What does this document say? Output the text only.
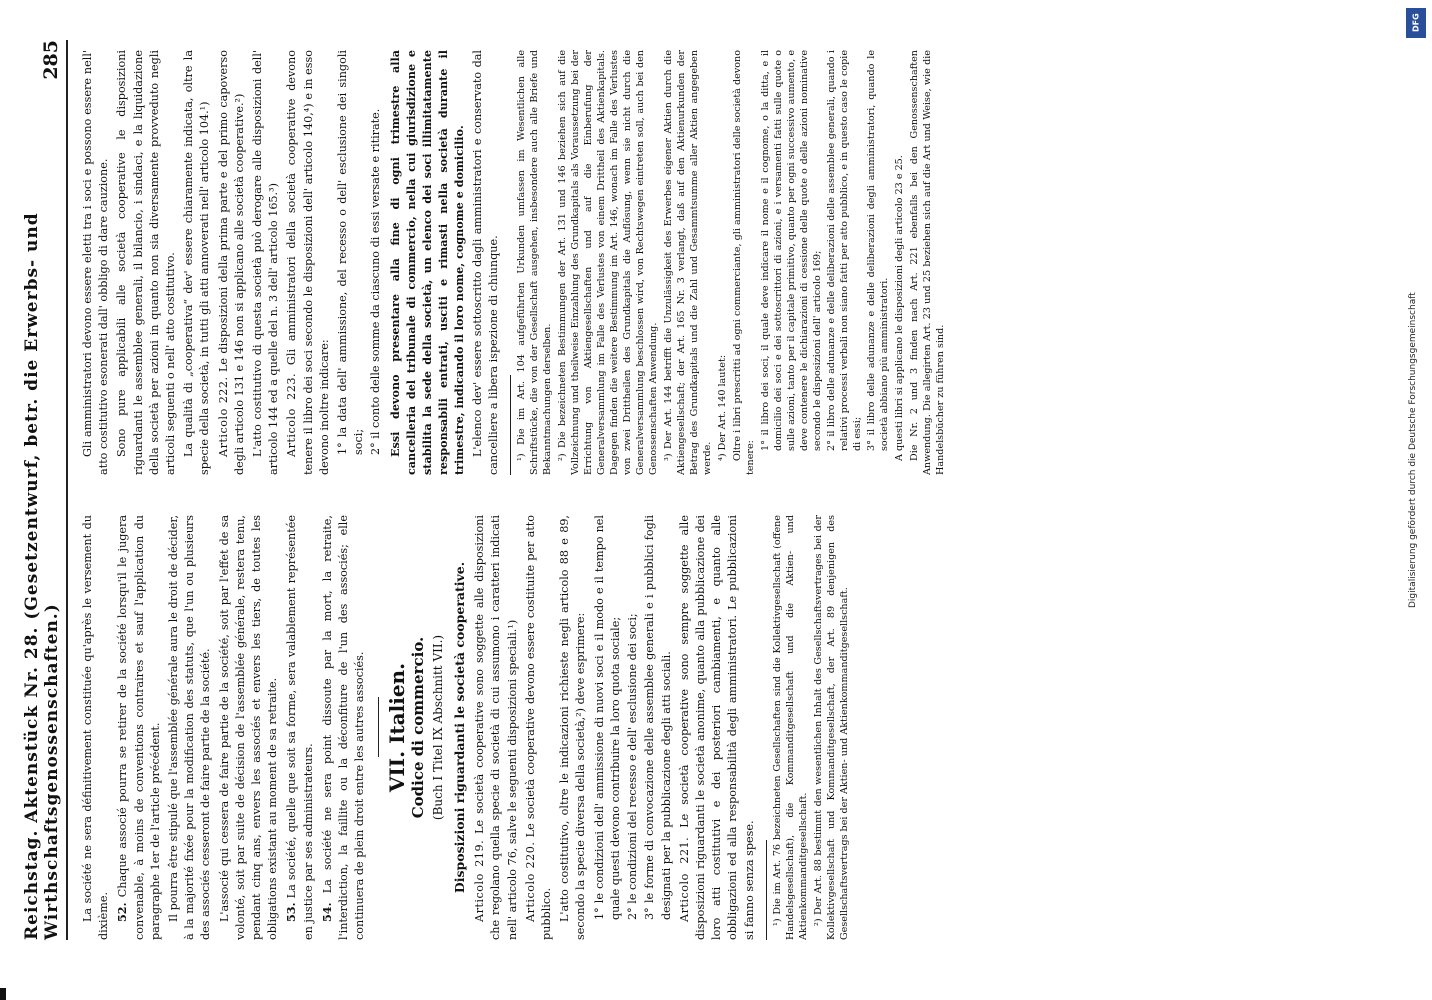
Reichstag. Aktenstück Nr. 28. (Gesetzentwurf, betr. die Erwerbs- und Wirthschaftsgenossenschaften.)
285

La société ne sera définitivement constituée qu'après le versement du dixième. 52. Chaque associé pourra se retirer de la société lorsqu'il le jugera convenable, à moins de conventions contraires et sauf l'application du paragraphe 1er de l'article précédent. Il pourra être stipulé que l'assemblée générale aura le droit de décider, à la majorité fixée pour la modification des statuts, que l'un ou plusieurs des associés cesseront de faire partie de la société. L'associé qui cessera de faire partie de la société, soit par l'effet de sa volonté, soit par suite de décision de l'assemblée générale, restera tenu, pendant cinq ans, envers les associés et envers les tiers, de toutes les obligations existant au moment de sa retraite. 53. La société, quelle que soit sa forme, sera valablement représentée en justice par ses administrateurs. 54. La société ne sera point dissoute par la mort, la retraite, l'interdiction, la faillite ou la déconfiture de l'un des associés; elle continuera de plein droit entre les autres associés. VII. Italien. Codice di commercio. (Buch I Titel IX Abschnitt VII.) Disposizioni riguardanti le società cooperative. Articolo 219. Le società cooperative sono soggette alle disposizioni che regolano quella specie di società di cui assumono i caratteri indicati nell' articolo 76, salve le seguenti disposizioni speciali.¹) Articolo 220. Le società cooperative devono essere costituite per atto pubblico. L'atto costitutivo, oltre le indicazioni richieste negli articolo 88 e 89, secondo la specie diversa della società,²) deve esprimere: 1° le condizioni dell' ammissione di nuovi soci e il modo e il tempo nel quale questi devono contribuire la loro quota sociale; 2° le condizioni del recesso e dell' esclusione dei soci; 3° le forme di convocazione delle assemblee generali e i pubblici fogli designati per la pubblicazione degli atti sociali. Articolo 221. Le società cooperative sono sempre soggette alle disposizioni riguardanti le società anonime, quanto alla pubblicazione dei loro atti costitutivi e dei posteriori cambiamenti, e quanto alle obbligazioni ed alla responsabilità degli amministratori. Le pubblicazioni si fanno senza spese. ¹) Die im Art. 76 bezeichneten Gesellschaften sind die Kollektivgesellschaft (offene Handelsgesellschaft), die Kommanditgesellschaft und die Aktien- und Aktienkommanditgesellschaft. ²) Der Art. 88 bestimmt den wesentlichen Inhalt des Gesellschaftsvertrages bei der Kollektivgesellschaft und Kommanditgesellschaft, der Art. 89 denjenigen des Gesellschaftsvertrags bei der Aktien- und Aktienkommanditgesellschaft.

Gli amministratori devono essere eletti tra i soci e possono essere nell' atto costitutivo esonerati dall' obbligo di dare cauzione. Sono pure applicabili alle società cooperative le disposizioni riguardanti le assemblee generali, il bilancio, i sindaci, e la liquidazione della società per azioni in quanto non sia diversamente provveduto negli articoli seguenti o nell' atto costitutivo. La qualità di „cooperativa“ dev' essere chiaramente indicata, oltre la specie della società, in tutti gli atti annoverati nell' articolo 104.¹) Articolo 222. Le disposizioni della prima parte e del primo capoverso degli articolo 131 e 146 non si applicano alle società cooperative.²) L'atto costitutivo di questa società può derogare alle disposizioni dell' articolo 144 ed a quelle del n. 3 dell' articolo 165.³) Articolo 223. Gli amministratori della società cooperative devono tenere il libro dei soci secondo le disposizioni dell' articolo 140,⁴) e in esso devono inoltre indicare: 1° la data dell' ammissione, del recesso o dell' esclusione dei singoli soci; 2° il conto delle somme da ciascuno di essi versate e ritirate. Essi devono presentare alla fine di ogni trimestre alla cancelleria del tribunale di commercio, nella cui giurisdizione e stabilita la sede della società, un elenco dei soci illimitatamente responsabili entrati, usciti e rimasti nella società durante il trimestre, indicando il loro nome, cognome e domicilio. L'elenco dev' essere sottoscritto dagli amministratori e conservato dal cancelliere a libera ispezione di chiunque. ¹) Die im Art. 104 aufgeführten Urkunden umfassen im Wesentlichen alle Schriftstücke, die von der Gesellschaft ausgehen, insbesondere auch alle Briefe und Bekanntmachungen derselben. ²) Die bezeichneten Bestimmungen der Art. 131 und 146 beziehen sich auf die Vollzeichnung und theilweise Einzahlung des Grundkapitals als Voraussetzung bei der Errichtung von Aktiengesellschaften und auf die Einberufung der Generalversammlung im Falle des Verlustes von einem Drittheil des Aktienkapitals. Dagegen finden die weitere Bestimmung im Art. 146, wonach im Falle des Verlustes von zwei Drittheilen des Grundkapitals die Auflösung, wenn sie nicht durch die Generalversammlung beschlossen wird, von Rechtswegen eintreten soll, auch bei den Genossenschaften Anwendung. ³) Der Art. 144 betrifft die Unzulässigkeit des Erwerbes eigener Aktien durch die Aktiengesellschaft; der Art. 165 Nr. 3 verlangt, daß auf den Aktienurkunden der Betrag des Grundkapitals und die Zahl und Gesammtsumme aller Aktien angegeben werde. ⁴) Der Art. 140 lautet: Oltre i libri prescritti ad ogni commerciante, gli amministratori delle società devono tenere:

1° il libro dei soci, il quale deve indicare il nome e il cognome, o la ditta, e il domicilio dei soci e dei sottoscrittori di azioni, e i versamenti fatti sulle quote o sulle azioni, tanto per il capitale primitivo, quanto per ogni successivo aumento, e deve contenere le dichiarazioni di cessione delle quote o delle azioni nominative secondo le disposizioni dell' articolo 169; 2° il libro delle adunanze e delle deliberazioni delle assemblee generali, quando i relativi processi verbali non siano fatti per atto pubblico, e in questo caso le copie di essi; 3° il libro delle adunanze e delle deliberazioni degli amministratori, quando le società abbiano più amministratori. A questi libri si applicano le disposizioni degli articolo 23 e 25. Die Nr. 2 und 3 finden nach Art. 221 ebenfalls bei den Genossenschaften Anwendung. Die allegirten Art. 23 und 25 beziehen sich auf die Art und Weise, wie die Handelsbücher zu führen sind.

DFG
Digitalisierung gefördert durch die Deutsche Forschungsgemeinschaft
